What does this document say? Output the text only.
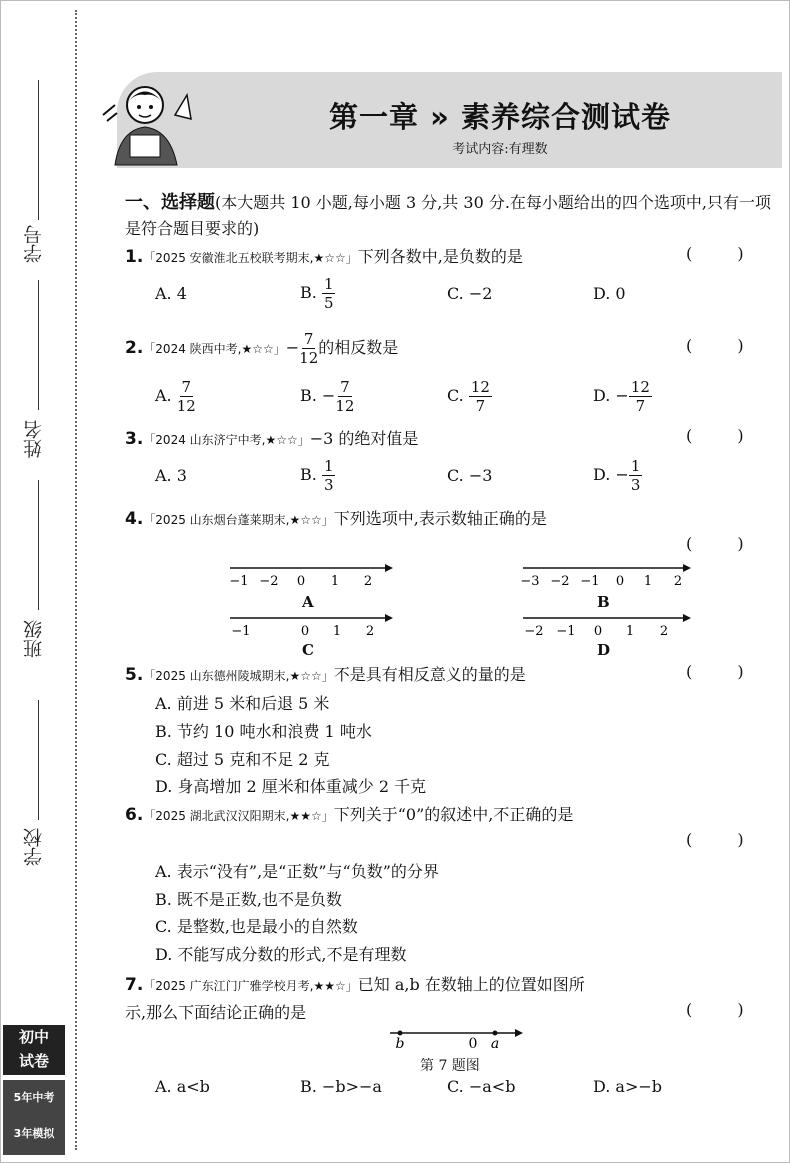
学号
姓名
班级
学校
初中
试卷
5年中考
3年模拟
第一章 » 素养综合测试卷
考试内容:有理数
一、选择题(本大题共 10 小题,每小题 3 分,共 30 分.在每小题给出的四个选项中,只有一项是符合题目要求的)
1.「2025 安徽淮北五校联考期末,★☆☆」下列各数中,是负数的是	( )
A. 4	B. $\frac{1}{5}$	C. −2	D. 0
2.「2024 陕西中考,★☆☆」− $\frac{7}{12}$ 的相反数是	( )
A. $\frac{7}{12}$	B. − $\frac{7}{12}$	C. $\frac{12}{7}$	D. − $\frac{12}{7}$
3.「2024 山东济宁中考,★☆☆」−3 的绝对值是	( )
A. 3	B. $\frac{1}{3}$	C. −3	D. − $\frac{1}{3}$
4.「2025 山东烟台蓬莱期末,★☆☆」下列选项中,表示数轴正确的是
( )
−1 −2 0 1 2
A
−3 −2 −1 0 1 2
B
−1	0 1 2
C
−2 −1 0 1 2
D
5.「2025 山东德州陵城期末,★☆☆」不是具有相反意义的量的是	( )
A. 前进 5 米和后退 5 米
B. 节约 10 吨水和浪费 1 吨水
C. 超过 5 克和不足 2 克
D. 身高增加 2 厘米和体重减少 2 千克
6.「2025 湖北武汉汉阳期末,★★☆」下列关于“0”的叙述中,不正确的是
( )
A. 表示“没有”,是“正数”与“负数”的分界
B. 既不是正数,也不是负数
C. 是整数,也是最小的自然数
D. 不能写成分数的形式,不是有理数
7.「2025 广东江门广雅学校月考,★★☆」已知 a,b 在数轴上的位置如图所
示,那么下面结论正确的是	( )
b	0 a
第 7 题图
A. a<b	B. −b>−a	C. −a<b	D. a>−b
